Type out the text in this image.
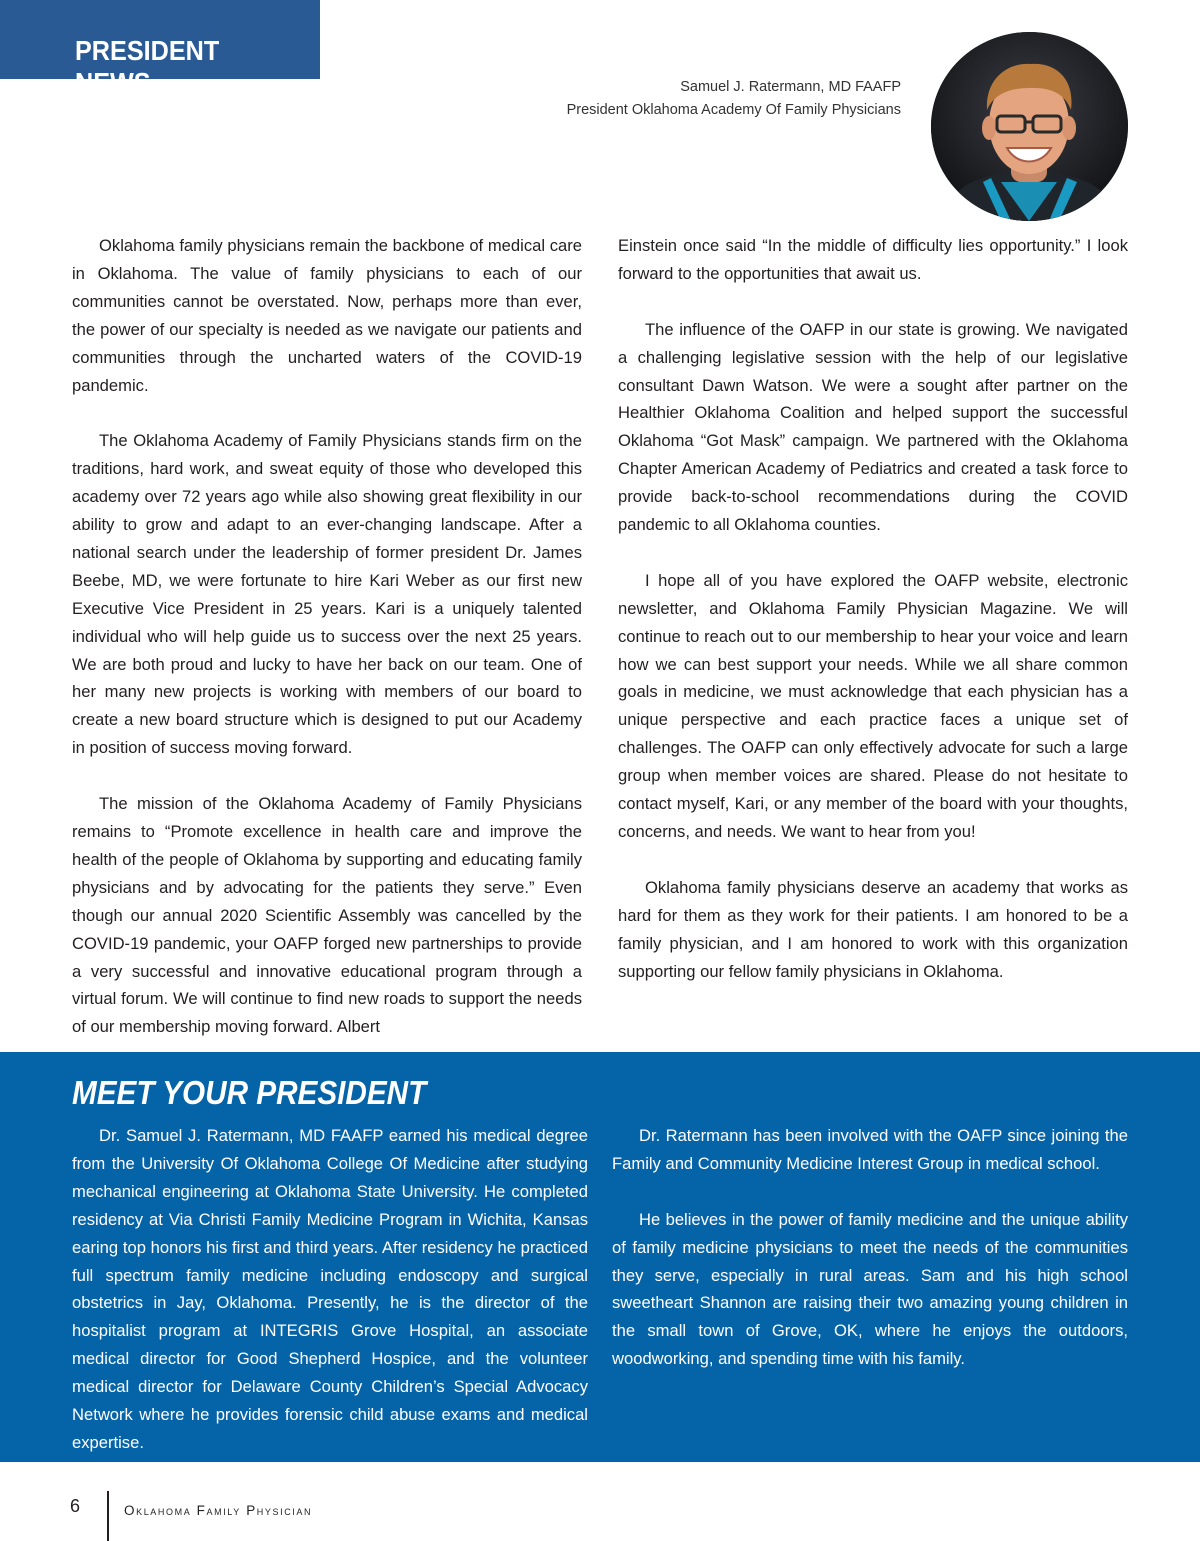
PRESIDENT NEWS	Samuel J. Ratermann, MD FAAFP
President Oklahoma Academy Of Family Physicians

Oklahoma family physicians remain the backbone of medical care in Oklahoma. The value of family physicians to each of our communities cannot be overstated. Now, perhaps more than ever, the power of our specialty is needed as we navigate our patients and communities through the uncharted waters of the COVID-19 pandemic.

The Oklahoma Academy of Family Physicians stands firm on the traditions, hard work, and sweat equity of those who developed this academy over 72 years ago while also showing great flexibility in our ability to grow and adapt to an ever-changing landscape. After a national search under the leadership of former president Dr. James Beebe, MD, we were fortunate to hire Kari Weber as our first new Executive Vice President in 25 years. Kari is a uniquely talented individual who will help guide us to success over the next 25 years. We are both proud and lucky to have her back on our team. One of her many new projects is working with members of our board to create a new board structure which is designed to put our Academy in position of success moving forward.

The mission of the Oklahoma Academy of Family Physicians remains to “Promote excellence in health care and improve the health of the people of Oklahoma by supporting and educating family physicians and by advocating for the patients they serve.” Even though our annual 2020 Scientific Assembly was cancelled by the COVID-19 pandemic, your OAFP forged new partnerships to provide a very successful and innovative educational program through a virtual forum. We will continue to find new roads to support the needs of our membership moving forward. Albert

Einstein once said “In the middle of difficulty lies opportunity.” I look forward to the opportunities that await us.

The influence of the OAFP in our state is growing. We navigated a challenging legislative session with the help of our legislative consultant Dawn Watson. We were a sought after partner on the Healthier Oklahoma Coalition and helped support the successful Oklahoma “Got Mask” campaign. We partnered with the Oklahoma Chapter American Academy of Pediatrics and created a task force to provide back-to-school recommendations during the COVID pandemic to all Oklahoma counties.

I hope all of you have explored the OAFP website, electronic newsletter, and Oklahoma Family Physician Magazine. We will continue to reach out to our membership to hear your voice and learn how we can best support your needs. While we all share common goals in medicine, we must acknowledge that each physician has a unique perspective and each practice faces a unique set of challenges. The OAFP can only effectively advocate for such a large group when member voices are shared. Please do not hesitate to contact myself, Kari, or any member of the board with your thoughts, concerns, and needs. We want to hear from you!

Oklahoma family physicians deserve an academy that works as hard for them as they work for their patients. I am honored to be a family physician, and I am honored to work with this organization supporting our fellow family physicians in Oklahoma.

MEET YOUR PRESIDENT

Dr. Samuel J. Ratermann, MD FAAFP earned his medical degree from the University Of Oklahoma College Of Medicine after studying mechanical engineering at Oklahoma State University. He completed residency at Via Christi Family Medicine Program in Wichita, Kansas earing top honors his first and third years. After residency he practiced full spectrum family medicine including endoscopy and surgical obstetrics in Jay, Oklahoma. Presently, he is the director of the hospitalist program at INTEGRIS Grove Hospital, an associate medical director for Good Shepherd Hospice, and the volunteer medical director for Delaware County Children’s Special Advocacy Network where he provides forensic child abuse exams and medical expertise.

Dr. Ratermann has been involved with the OAFP since joining the Family and Community Medicine Interest Group in medical school.

He believes in the power of family medicine and the unique ability of family medicine physicians to meet the needs of the communities they serve, especially in rural areas. Sam and his high school sweetheart Shannon are raising their two amazing young children in the small town of Grove, OK, where he enjoys the outdoors, woodworking, and spending time with his family.

6	Oklahoma Family Physician
